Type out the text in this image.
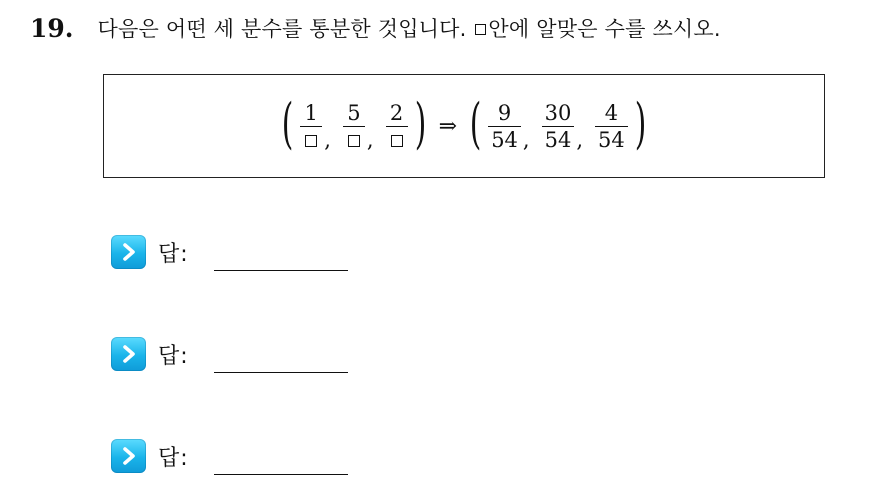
19. 다음은 어떤 세 분수를 통분한 것입니다. 안에 알맞은 수를 쓰시오.
( 1
,
5
,
2 ) ⇒ ( $\frac{9}{54}$ , $\frac{30}{54}$ , $\frac{4}{54}$ )
답:
답:
답:
